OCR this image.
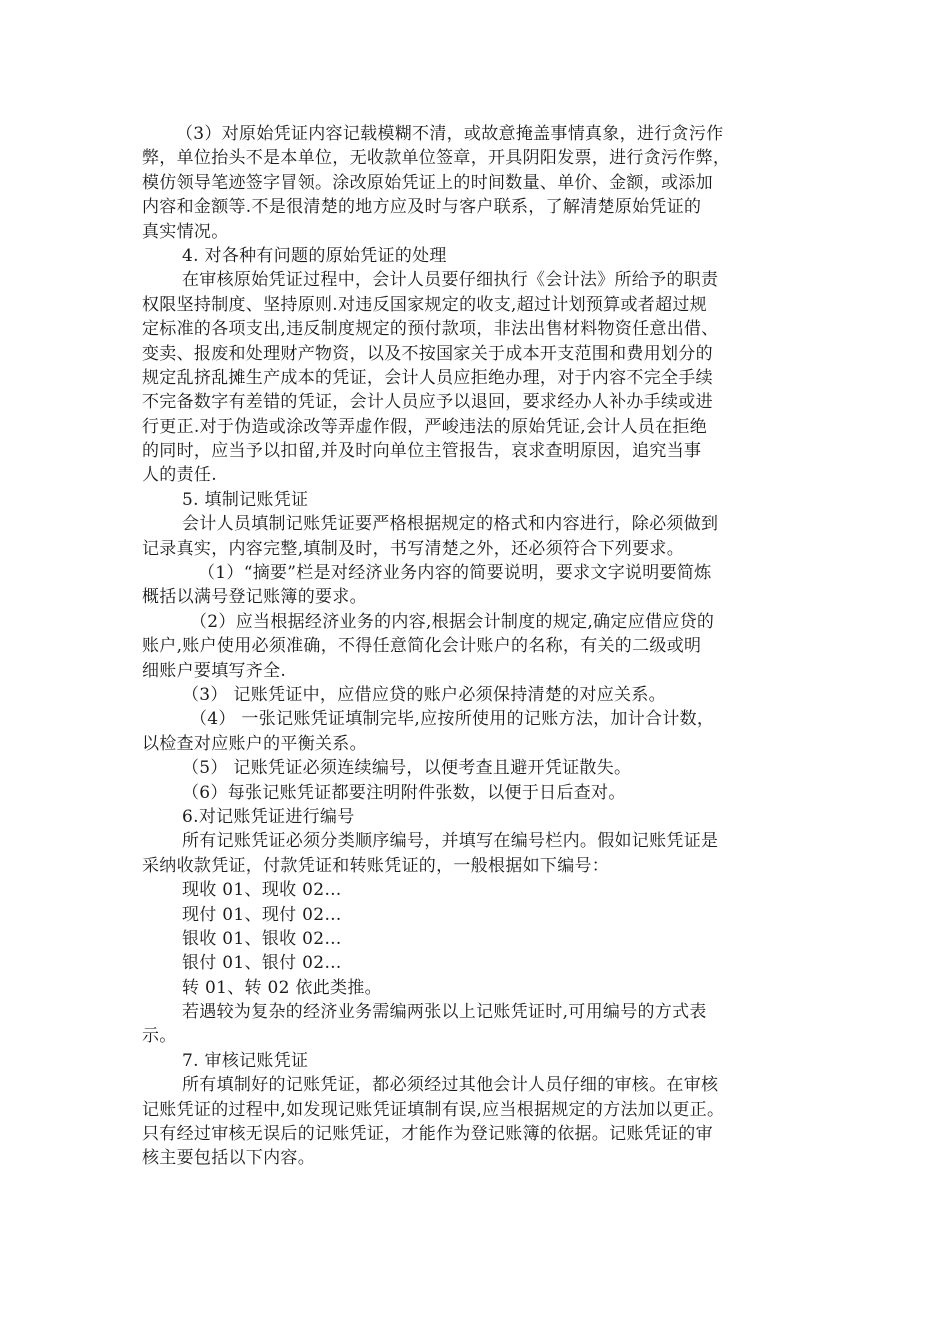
（3）对原始凭证内容记载模糊不清，或故意掩盖事情真象，进行贪污作
弊，单位抬头不是本单位，无收款单位签章，开具阴阳发票，进行贪污作弊，
模仿领导笔迹签字冒领。涂改原始凭证上的时间数量、单价、金额，或添加
内容和金额等.不是很清楚的地方应及时与客户联系，了解清楚原始凭证的
真实情况。
4. 对各种有问题的原始凭证的处理
在审核原始凭证过程中，会计人员要仔细执行《会计法》所给予的职责
权限坚持制度、坚持原则.对违反国家规定的收支,超过计划预算或者超过规
定标准的各项支出,违反制度规定的预付款项，非法出售材料物资任意出借、
变卖、报废和处理财产物资，以及不按国家关于成本开支范围和费用划分的
规定乱挤乱摊生产成本的凭证，会计人员应拒绝办理，对于内容不完全手续
不完备数字有差错的凭证，会计人员应予以退回，要求经办人补办手续或进
行更正.对于伪造或涂改等弄虚作假，严峻违法的原始凭证,会计人员在拒绝
的同时，应当予以扣留,并及时向单位主管报告，哀求查明原因，追究当事
人的责任.
5. 填制记账凭证
会计人员填制记账凭证要严格根据规定的格式和内容进行，除必须做到
记录真实，内容完整,填制及时，书写清楚之外，还必须符合下列要求。
（1）“摘要”栏是对经济业务内容的简要说明，要求文字说明要简炼
概括以满号登记账簿的要求。
（2）应当根据经济业务的内容,根据会计制度的规定,确定应借应贷的
账户,账户使用必须准确，不得任意简化会计账户的名称，有关的二级或明
细账户要填写齐全.
（3） 记账凭证中，应借应贷的账户必须保持清楚的对应关系。
（4） 一张记账凭证填制完毕,应按所使用的记账方法，加计合计数，
以检查对应账户的平衡关系。
（5） 记账凭证必须连续编号，以便考查且避开凭证散失。
（6）每张记账凭证都要注明附件张数，以便于日后查对。
6.对记账凭证进行编号
所有记账凭证必须分类顺序编号，并填写在编号栏内。假如记账凭证是
采纳收款凭证，付款凭证和转账凭证的，一般根据如下编号：
现收 01、现收 02…
现付 01、现付 02…
银收 01、银收 02…
银付 01、银付 02…
转 01、转 02 依此类推。
若遇较为复杂的经济业务需编两张以上记账凭证时,可用编号的方式表
示。
7. 审核记账凭证
所有填制好的记账凭证，都必须经过其他会计人员仔细的审核。在审核
记账凭证的过程中,如发现记账凭证填制有误,应当根据规定的方法加以更正。
只有经过审核无误后的记账凭证，才能作为登记账簿的依据。记账凭证的审
核主要包括以下内容。
